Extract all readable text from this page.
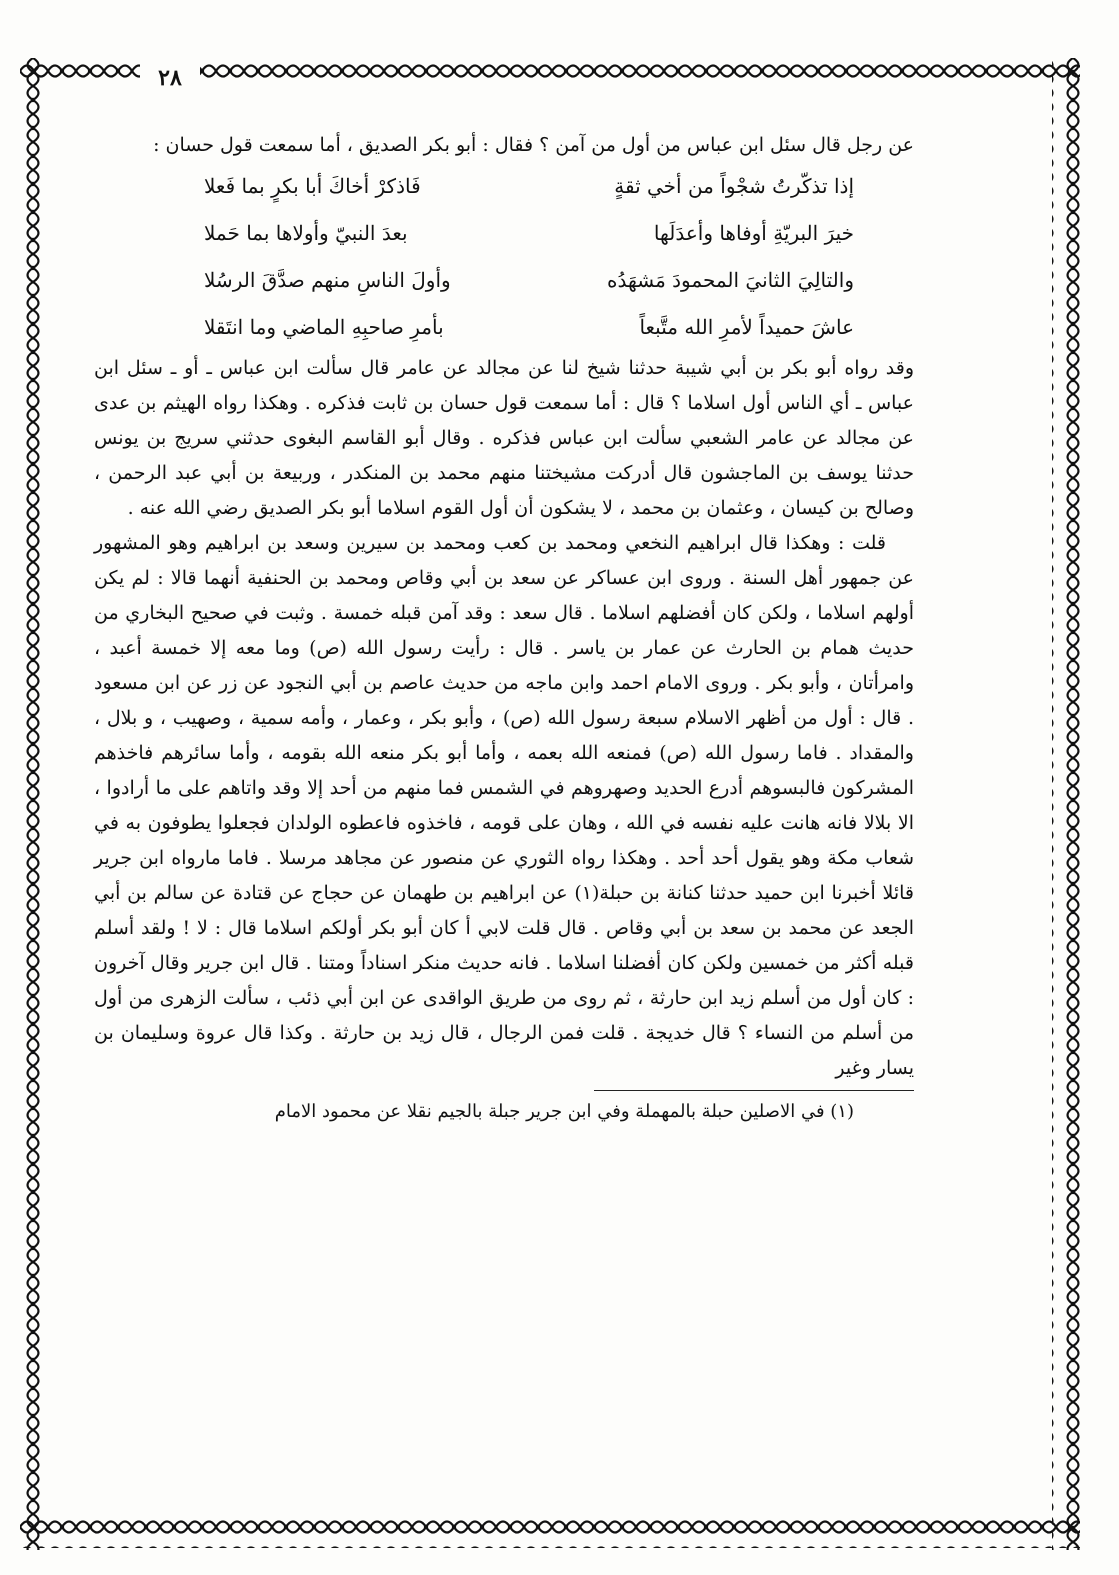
٢٨

عن رجل قال سئل ابن عباس من أول من آمن ؟ فقال : أبو بكر الصديق ، أما سمعت قول حسان :

إذا تذكّرتُ شجْواً من أخي ثقةٍ
فَاذكرْ أخاكَ أبا بكرٍ بما فَعلا
خيرَ البريّةِ أوفاها وأعدَلَها
بعدَ النبيّ وأولاها بما حَملا
والتالِيَ الثانيَ المحمودَ مَشهَدُه
وأولَ الناسِ منهم صدَّقَ الرسُلا
عاشَ حميداً لأمرِ الله متَّبعاً
بأمرِ صاحبِهِ الماضي وما انتَقلا

وقد رواه أبو بكر بن أبي شيبة حدثنا شيخ لنا عن مجالد عن عامر قال سألت ابن عباس ـ أو ـ سئل ابن عباس ـ أي الناس أول اسلاما ؟ قال : أما سمعت قول حسان بن ثابت فذكره . وهكذا رواه الهيثم بن عدى عن مجالد عن عامر الشعبي سألت ابن عباس فذكره . وقال أبو القاسم البغوى حدثني سريج بن يونس حدثنا يوسف بن الماجشون قال أدركت مشيختنا منهم محمد بن المنكدر ، وربيعة بن أبي عبد الرحمن ، وصالح بن كيسان ، وعثمان بن محمد ، لا يشكون أن أول القوم اسلاما أبو بكر الصديق رضي الله عنه .

قلت : وهكذا قال ابراهيم النخعي ومحمد بن كعب ومحمد بن سيرين وسعد بن ابراهيم وهو المشهور عن جمهور أهل السنة . وروى ابن عساكر عن سعد بن أبي وقاص ومحمد بن الحنفية أنهما قالا : لم يكن أولهم اسلاما ، ولكن كان أفضلهم اسلاما . قال سعد : وقد آمن قبله خمسة . وثبت في صحيح البخاري من حديث همام بن الحارث عن عمار بن ياسر . قال : رأيت رسول الله (ص) وما معه إلا خمسة أعبد ، وامرأتان ، وأبو بكر . وروى الامام احمد وابن ماجه من حديث عاصم بن أبي النجود عن زر عن ابن مسعود . قال : أول من أظهر الاسلام سبعة رسول الله (ص) ، وأبو بكر ، وعمار ، وأمه سمية ، وصهيب ، و بلال ، والمقداد . فاما رسول الله (ص) فمنعه الله بعمه ، وأما أبو بكر منعه الله بقومه ، وأما سائرهم فاخذهم المشركون فالبسوهم أدرع الحديد وصهروهم في الشمس فما منهم من أحد إلا وقد واتاهم على ما أرادوا ، الا بلالا فانه هانت عليه نفسه في الله ، وهان على قومه ، فاخذوه فاعطوه الولدان فجعلوا يطوفون به في شعاب مكة وهو يقول أحد أحد . وهكذا رواه الثوري عن منصور عن مجاهد مرسلا . فاما مارواه ابن جرير قائلا أخبرنا ابن حميد حدثنا كنانة بن حبلة(١) عن ابراهيم بن طهمان عن حجاج عن قتادة عن سالم بن أبي الجعد عن محمد بن سعد بن أبي وقاص . قال قلت لابي أ كان أبو بكر أولكم اسلاما قال : لا ! ولقد أسلم قبله أكثر من خمسين ولكن كان أفضلنا اسلاما . فانه حديث منكر اسناداً ومتنا . قال ابن جرير وقال آخرون : كان أول من أسلم زيد ابن حارثة ، ثم روى من طريق الواقدى عن ابن أبي ذئب ، سألت الزهرى من أول من أسلم من النساء ؟ قال خديجة . قلت فمن الرجال ، قال زيد بن حارثة . وكذا قال عروة وسليمان بن يسار وغير

(١) في الاصلين حبلة بالمهملة وفي ابن جرير جبلة بالجيم نقلا عن محمود الامام
